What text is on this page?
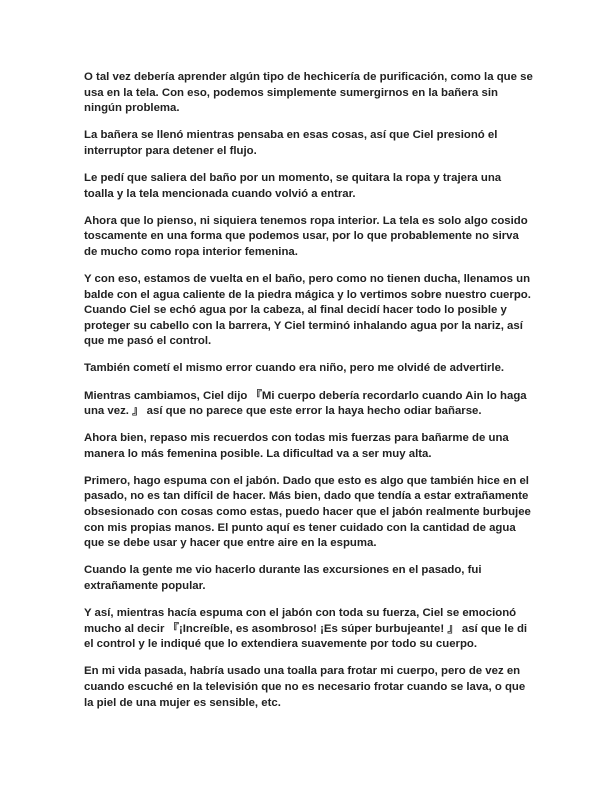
O tal vez debería aprender algún tipo de hechicería de purificación, como la que se usa en la tela. Con eso, podemos simplemente sumergirnos en la bañera sin ningún problema.

La bañera se llenó mientras pensaba en esas cosas, así que Ciel presionó el interruptor para detener el flujo.

Le pedí que saliera del baño por un momento, se quitara la ropa y trajera una toalla y la tela mencionada cuando volvió a entrar.

Ahora que lo pienso, ni siquiera tenemos ropa interior. La tela es solo algo cosido toscamente en una forma que podemos usar, por lo que probablemente no sirva de mucho como ropa interior femenina.

Y con eso, estamos de vuelta en el baño, pero como no tienen ducha, llenamos un balde con el agua caliente de la piedra mágica y lo vertimos sobre nuestro cuerpo. Cuando Ciel se echó agua por la cabeza, al final decidí hacer todo lo posible y proteger su cabello con la barrera, Y Ciel terminó inhalando agua por la nariz, así que me pasó el control.

También cometí el mismo error cuando era niño, pero me olvidé de advertirle.

Mientras cambiamos, Ciel dijo 『Mi cuerpo debería recordarlo cuando Ain lo haga una vez. 』 así que no parece que este error la haya hecho odiar bañarse.

Ahora bien, repaso mis recuerdos con todas mis fuerzas para bañarme de una manera lo más femenina posible. La dificultad va a ser muy alta.

Primero, hago espuma con el jabón. Dado que esto es algo que también hice en el pasado, no es tan difícil de hacer. Más bien, dado que tendía a estar extrañamente obsesionado con cosas como estas, puedo hacer que el jabón realmente burbujee con mis propias manos. El punto aquí es tener cuidado con la cantidad de agua que se debe usar y hacer que entre aire en la espuma.

Cuando la gente me vio hacerlo durante las excursiones en el pasado, fui extrañamente popular.

Y así, mientras hacía espuma con el jabón con toda su fuerza, Ciel se emocionó mucho al decir 『¡Increíble, es asombroso! ¡Es súper burbujeante! 』 así que le di el control y le indiqué que lo extendiera suavemente por todo su cuerpo.

En mi vida pasada, habría usado una toalla para frotar mi cuerpo, pero de vez en cuando escuché en la televisión que no es necesario frotar cuando se lava, o que la piel de una mujer es sensible, etc.
